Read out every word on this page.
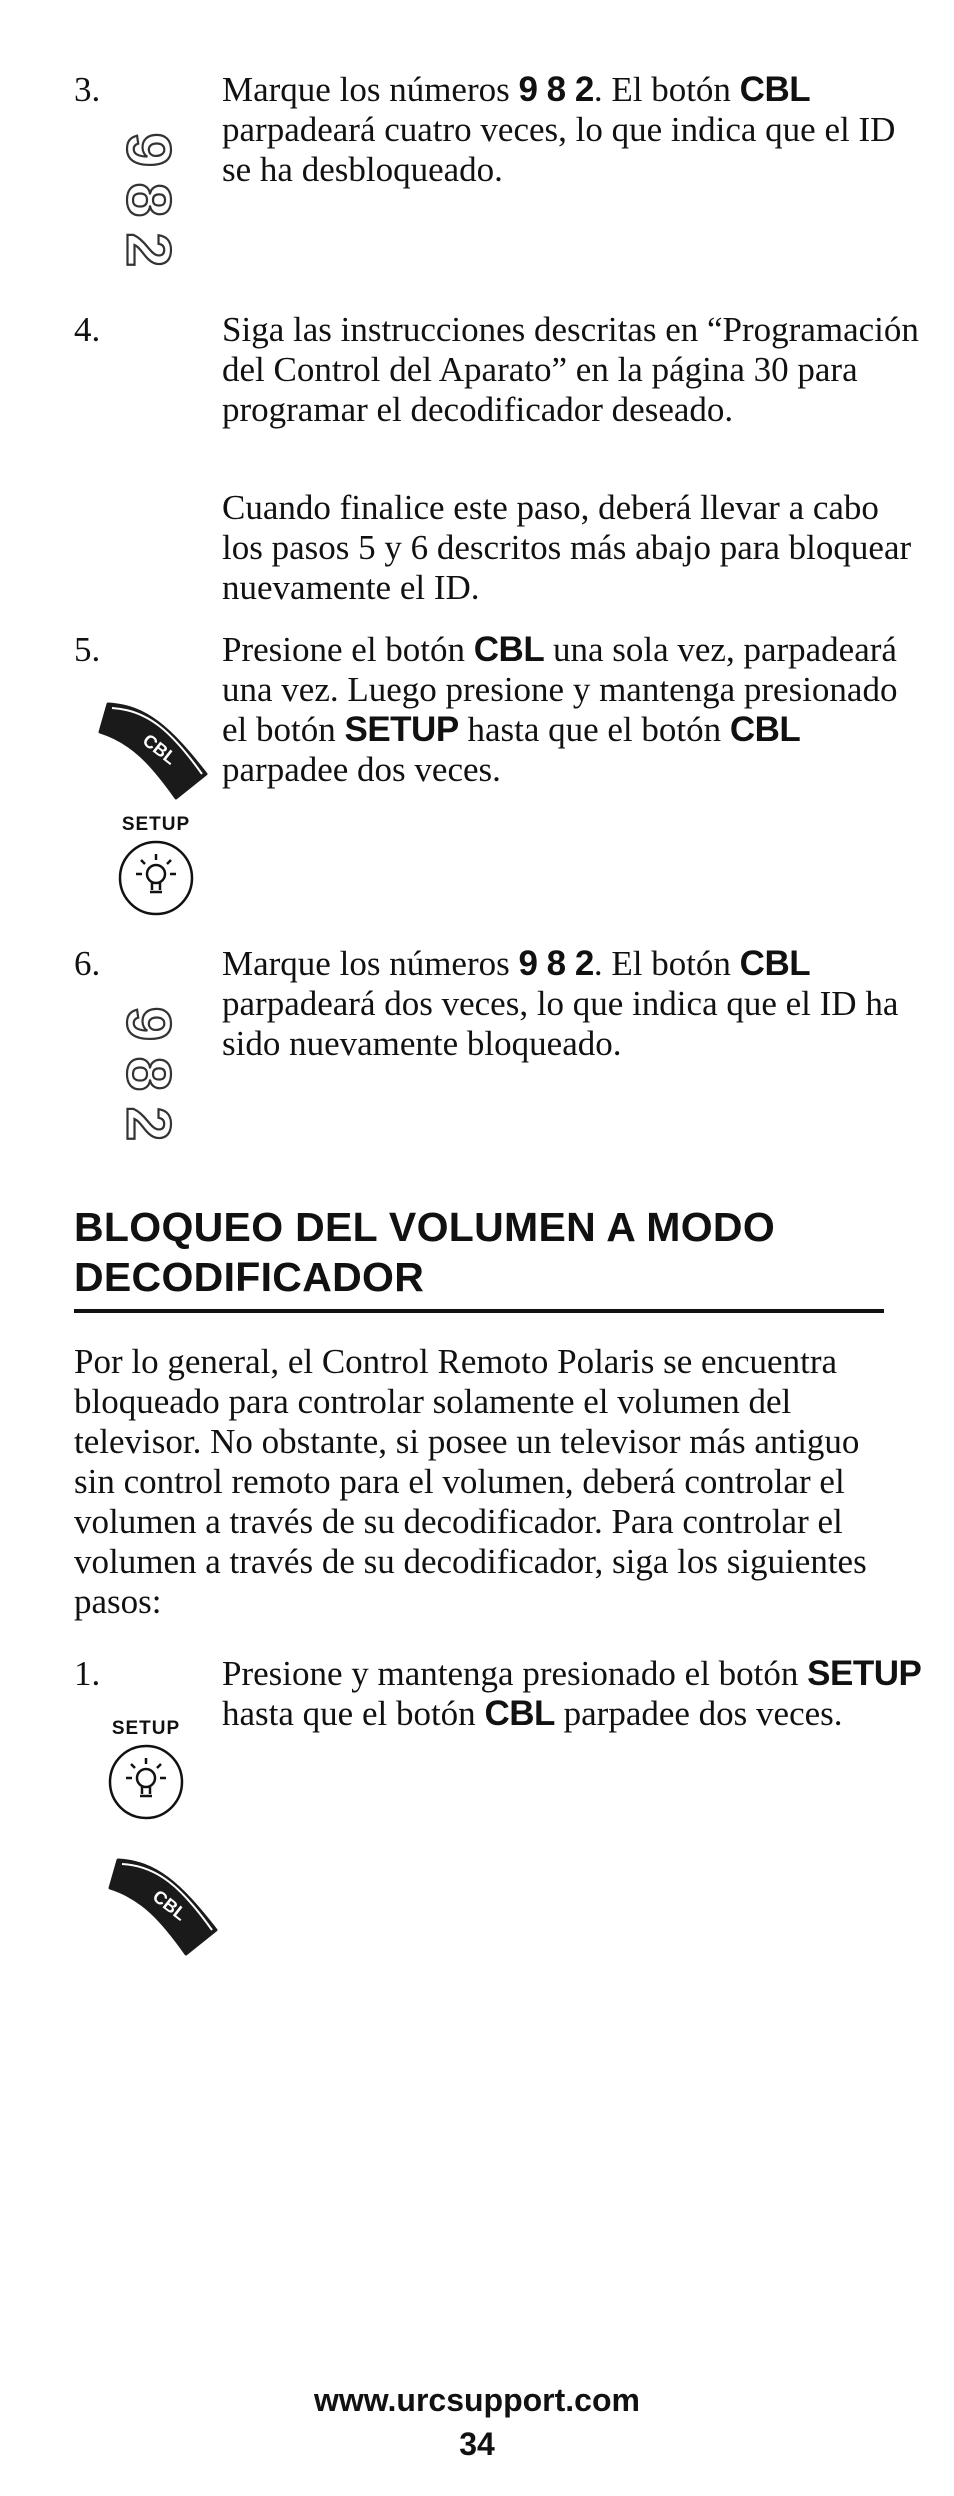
3.	Marque los números 9 8 2. El botón CBL parpadeará cuatro veces, lo que indica que el ID se ha desbloqueado.

9
8
2
4.	Siga las instrucciones descritas en “Programación del Control del Aparato” en la página 30 para programar el decodificador deseado.

Cuando finalice este paso, deberá llevar a cabo los pasos 5 y 6 descritos más abajo para bloquear nuevamente el ID.

5.	Presione el botón CBL una sola vez, parpadeará una vez. Luego presione y mantenga presionado el botón SETUP hasta que el botón CBL parpadee dos veces.

CBL
6.	Marque los números 9 8 2. El botón CBL parpadeará dos veces, lo que indica que el ID ha sido nuevamente bloqueado.

9
8
2
BLOQUEO DEL VOLUMEN A MODO
DECODIFICADOR

Por lo general, el Control Remoto Polaris se encuentra bloqueado para controlar solamente el volumen del televisor. No obstante, si posee un televisor más antiguo sin control remoto para el volumen, deberá controlar el volumen a través de su decodificador. Para controlar el volumen a través de su decodificador, siga los siguientes pasos:

1.	Presione y mantenga presionado el botón SETUP hasta que el botón CBL parpadee dos veces.

CBL
www.urcsupport.com
34
